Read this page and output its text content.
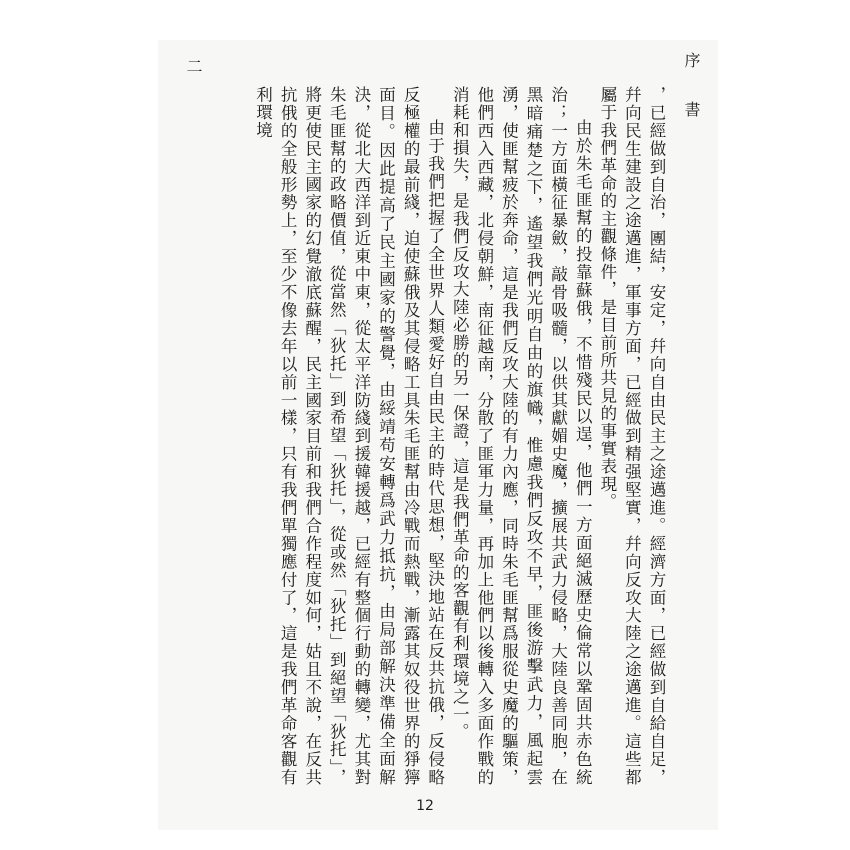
序 書
二

，已經做到自治，團結，安定，幷向自由民主之途邁進。經濟方面，已經做到自給自足，幷向民生建設之途邁進，軍事方面，已經做到精强堅實，幷向反攻大陸之途邁進。這些都屬于我們革命的主觀條件，是目前所共見的事實表現。

由於朱毛匪幫的投靠蘇俄，不惜殘民以逞，他們一方面絕滅歷史倫常以鞏固共赤色統治；一方面橫征暴斂，敲骨吸髓，以供其獻媚史魔，擴展共武力侵略，大陸良善同胞，在黑暗痛楚之下，遙望我們光明自由的旗幟，惟慮我們反攻不早，匪後游擊武力，風起雲湧，使匪幫疲於奔命，這是我們反攻大陸的有力內應，同時朱毛匪幫爲服從史魔的驅策，他們西入西藏，北侵朝鮮，南征越南，分散了匪軍力量，再加上他們以後轉入多面作戰的消耗和損失，是我們反攻大陸必勝的另一保證，這是我們革命的客觀有利環境之一。

由于我們把握了全世界人類愛好自由民主的時代思想，堅決地站在反共抗俄，反侵略反極權的最前綫，迫使蘇俄及其侵略工具朱毛匪幫由冷戰而熱戰，漸露其奴役世界的猙獰面目。因此提高了民主國家的警覺，由綏靖苟安轉爲武力抵抗，由局部解決準備全面解決，從北大西洋到近東中東，從太平洋防綫到援韓援越，已經有整個行動的轉變，尤其對朱毛匪幫的政略價值，從當然「狄托」到希望「狄托」，從或然「狄托」到絕望「狄托」，將更使民主國家的幻覺澈底蘇醒，民主國家目前和我們合作程度如何，姑且不說，在反共抗俄的全般形勢上，至少不像去年以前一樣，只有我們單獨應付了，這是我們革命客觀有利環境

12
